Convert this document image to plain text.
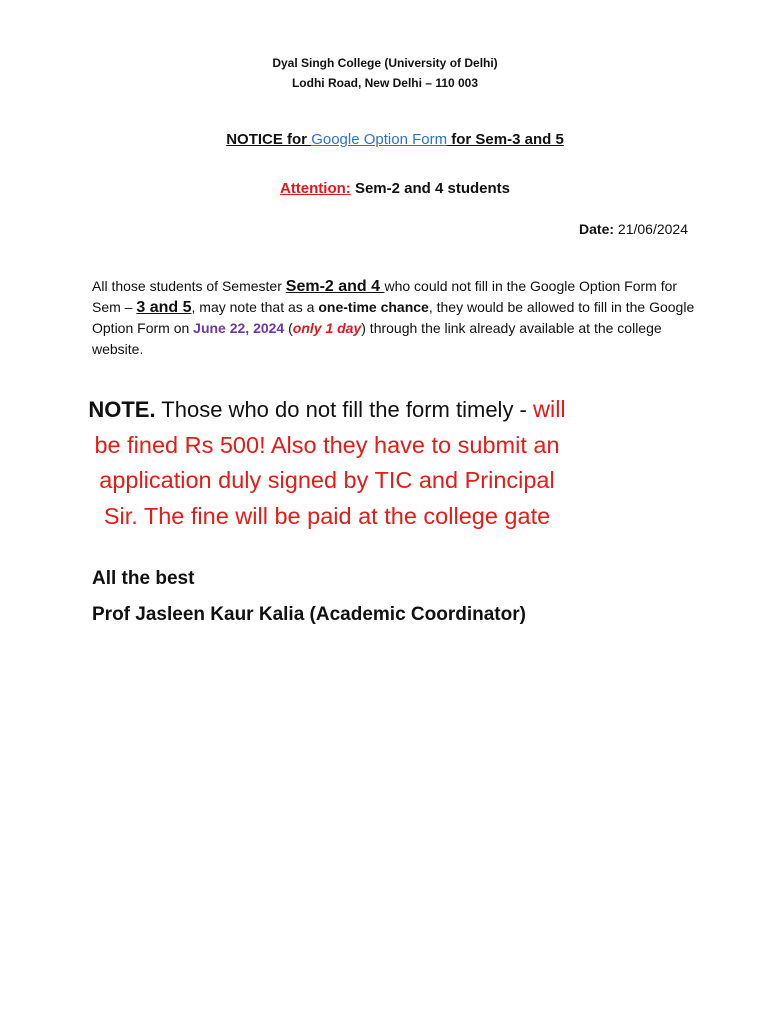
Dyal Singh College (University of Delhi)
Lodhi Road, New Delhi – 110 003
NOTICE for Google Option Form for Sem-3 and 5
Attention: Sem-2 and 4 students
Date: 21/06/2024
All those students of Semester Sem-2 and 4 who could not fill in the Google Option Form for Sem – 3 and 5, may note that as a one-time chance, they would be allowed to fill in the Google Option Form on June 22, 2024 (only 1 day) through the link already available at the college website.
NOTE. Those who do not fill the form timely - will be fined Rs 500! Also they have to submit an application duly signed by TIC and Principal Sir. The fine will be paid at the college gate
All the best
Prof Jasleen Kaur Kalia (Academic Coordinator)
